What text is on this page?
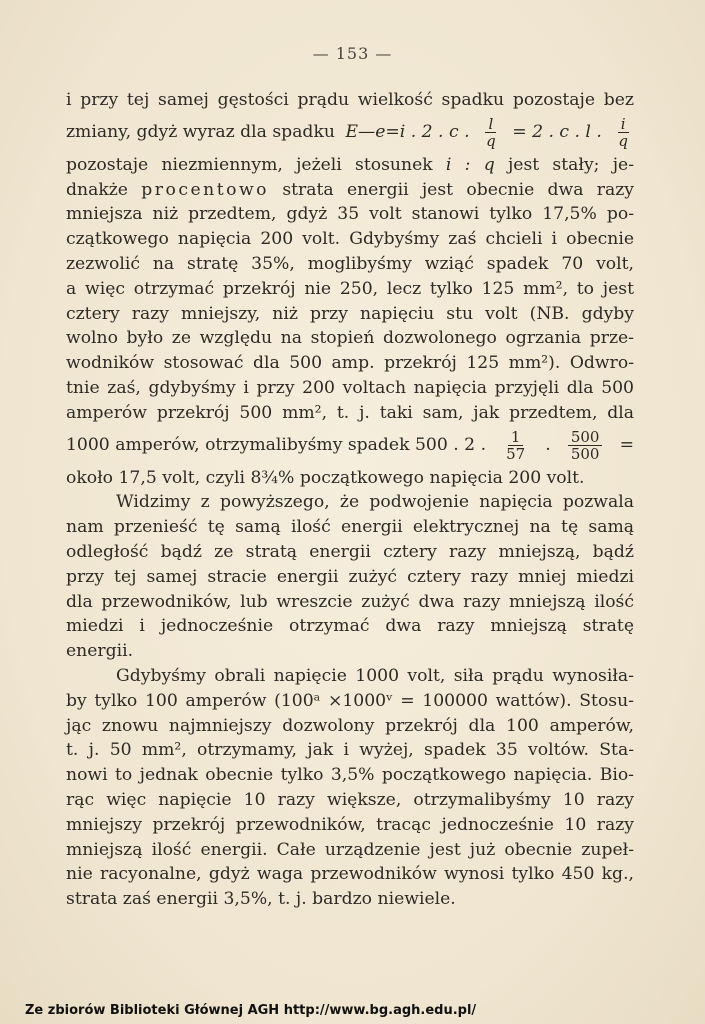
— 153 —
i przy tej samej gęstości prądu wielkość spadku pozostaje bez
zmiany, gdyż wyraz dla spadku E—e=i . 2 . c . $\frac{l}{q} = 2$ . c . l . $\frac{i}{q}$
pozostaje niezmiennym, jeżeli stosunek i : q jest stały; je-
dnakże procentowo strata energii jest obecnie dwa razy
mniejsza niż przedtem, gdyż 35 volt stanowi tylko 17,5% po-
czątkowego napięcia 200 volt. Gdybyśmy zaś chcieli i obecnie
zezwolić na stratę 35%, moglibyśmy wziąć spadek 70 volt,
a więc otrzymać przekrój nie 250, lecz tylko 125 mm², to jest
cztery razy mniejszy, niż przy napięciu stu volt (NB. gdyby
wolno było ze względu na stopień dozwolonego ogrzania prze-
wodników stosować dla 500 amp. przekrój 125 mm²). Odwro-
tnie zaś, gdybyśmy i przy 200 voltach napięcia przyjęli dla 500
amperów przekrój 500 mm², t. j. taki sam, jak przedtem, dla
1000 amperów, otrzymalibyśmy spadek 500 . 2 . $\frac{1}{57}$ . $\frac{500}{500}$ =
około 17,5 volt, czyli 8¾% początkowego napięcia 200 volt.
Widzimy z powyższego, że podwojenie napięcia pozwala
nam przenieść tę samą ilość energii elektrycznej na tę samą
odległość bądź ze stratą energii cztery razy mniejszą, bądź
przy tej samej stracie energii zużyć cztery razy mniej miedzi
dla przewodników, lub wreszcie zużyć dwa razy mniejszą ilość
miedzi i jednocześnie otrzymać dwa razy mniejszą stratę
energii.
Gdybyśmy obrali napięcie 1000 volt, siła prądu wynosiła-
by tylko 100 amperów (100ᵃ ×1000ᵛ = 100000 wattów). Stosu-
jąc znowu najmniejszy dozwolony przekrój dla 100 amperów,
t. j. 50 mm², otrzymamy, jak i wyżej, spadek 35 voltów. Sta-
nowi to jednak obecnie tylko 3,5% początkowego napięcia. Bio-
rąc więc napięcie 10 razy większe, otrzymalibyśmy 10 razy
mniejszy przekrój przewodników, tracąc jednocześnie 10 razy
mniejszą ilość energii. Całe urządzenie jest już obecnie zupeł-
nie racyonalne, gdyż waga przewodników wynosi tylko 450 kg.,
strata zaś energii 3,5%, t. j. bardzo niewiele.
Ze zbiorów Biblioteki Głównej AGH http://www.bg.agh.edu.pl/
